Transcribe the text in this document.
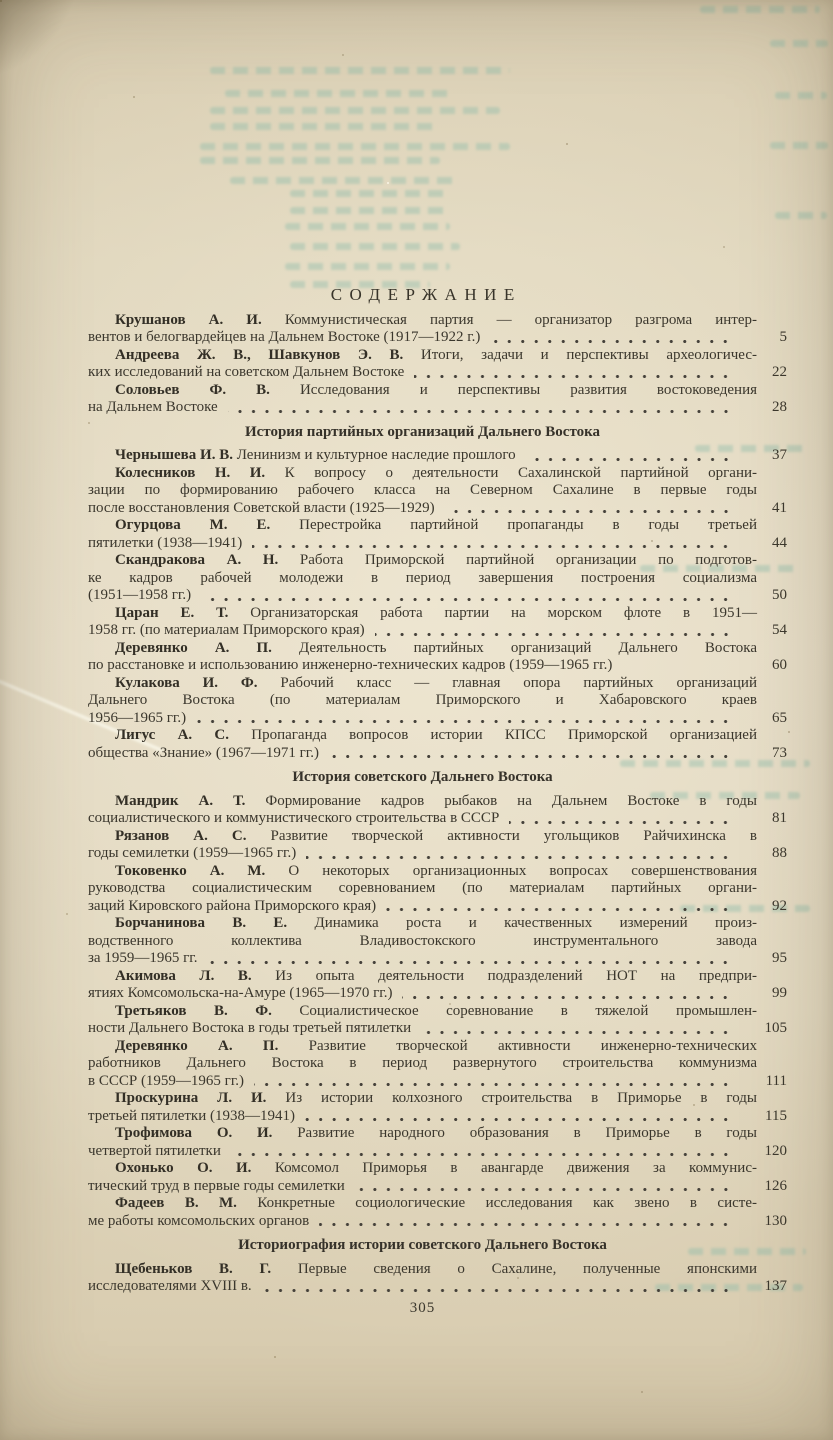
СОДЕРЖАНИЕ
Крушанов А. И. Коммунистическая партия — организатор разгрома интер-
вентов и белогвардейцев на Дальнем Востоке (1917—1922 г.)	5
Андреева Ж. В., Шавкунов Э. В. Итоги, задачи и перспективы археологичес-
ких исследований на советском Дальнем Востоке	22
Соловьев Ф. В. Исследования и перспективы развития востоковедения
на Дальнем Востоке	28
История партийных организаций Дальнего Востока
Чернышева И. В. Ленинизм и культурное наследие прошлого	37
Колесников Н. И. К вопросу о деятельности Сахалинской партийной органи-
зации по формированию рабочего класса на Северном Сахалине в первые годы
после восстановления Советской власти (1925—1929)	41
Огурцова М. Е. Перестройка партийной пропаганды в годы третьей
пятилетки (1938—1941)	44
Скандракова А. Н. Работа Приморской партийной организации по подготов-
ке кадров рабочей молодежи в период завершения построения социализма
(1951—1958 гг.)	50
Царан Е. Т. Организаторская работа партии на морском флоте в 1951—
1958 гг. (по материалам Приморского края)	54
Деревянко А. П. Деятельность партийных организаций Дальнего Востока
по расстановке и использованию инженерно-технических кадров (1959—1965 гг.)	60
Кулакова И. Ф. Рабочий класс — главная опора партийных организаций
Дальнего Востока (по материалам Приморского и Хабаровского краев
1956—1965 гг.)	65
Лигус А. С. Пропаганда вопросов истории КПСС Приморской организацией
общества «Знание» (1967—1971 гг.)	73
История советского Дальнего Востока
Мандрик А. Т. Формирование кадров рыбаков на Дальнем Востоке в годы
социалистического и коммунистического строительства в СССР	81
Рязанов А. С. Развитие творческой активности угольщиков Райчихинска в
годы семилетки (1959—1965 гг.)	88
Токовенко А. М. О некоторых организационных вопросах совершенствования
руководства социалистическим соревнованием (по материалам партийных органи-
заций Кировского района Приморского края)	92
Борчанинова В. Е. Динамика роста и качественных измерений произ-
водственного коллектива Владивостокского инструментального завода
за 1959—1965 гг.	95
Акимова Л. В. Из опыта деятельности подразделений НОТ на предпри-
ятиях Комсомольска-на-Амуре (1965—1970 гг.)	99
Третьяков В. Ф. Социалистическое соревнование в тяжелой промышлен-
ности Дальнего Востока в годы третьей пятилетки	105
Деревянко А. П. Развитие творческой активности инженерно-технических
работников Дальнего Востока в период развернутого строительства коммунизма
в СССР (1959—1965 гг.)	111
Проскурина Л. И. Из истории колхозного строительства в Приморье в годы
третьей пятилетки (1938—1941)	115
Трофимова О. И. Развитие народного образования в Приморье в годы
четвертой пятилетки	120
Охонько О. И. Комсомол Приморья в авангарде движения за коммунис-
тический труд в первые годы семилетки	126
Фадеев В. М. Конкретные социологические исследования как звено в систе-
ме работы комсомольских органов	130
Историография истории советского Дальнего Востока
Щебеньков В. Г. Первые сведения о Сахалине, полученные японскими
исследователями XVIII в.	137
305
